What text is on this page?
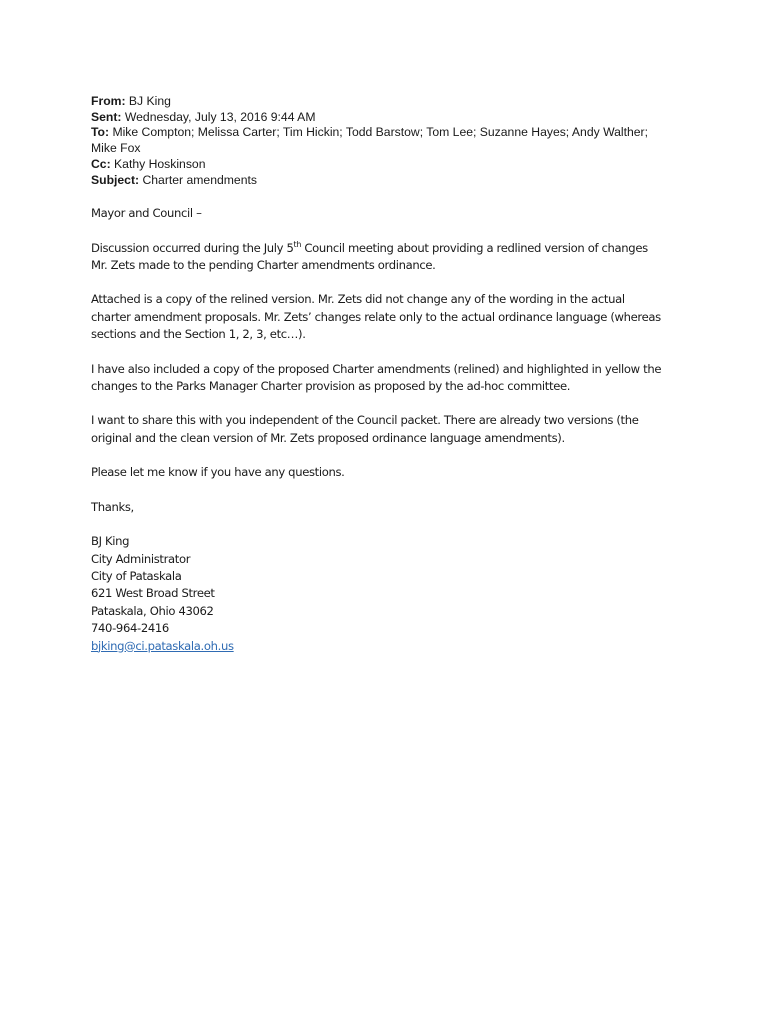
From: BJ King
Sent: Wednesday, July 13, 2016 9:44 AM
To: Mike Compton; Melissa Carter; Tim Hickin; Todd Barstow; Tom Lee; Suzanne Hayes; Andy Walther;
Mike Fox
Cc: Kathy Hoskinson
Subject: Charter amendments

Mayor and Council –

Discussion occurred during the July 5th Council meeting about providing a redlined version of changes
Mr. Zets made to the pending Charter amendments ordinance.

Attached is a copy of the relined version. Mr. Zets did not change any of the wording in the actual
charter amendment proposals. Mr. Zets’ changes relate only to the actual ordinance language (whereas
sections and the Section 1, 2, 3, etc…).

I have also included a copy of the proposed Charter amendments (relined) and highlighted in yellow the
changes to the Parks Manager Charter provision as proposed by the ad-hoc committee.

I want to share this with you independent of the Council packet. There are already two versions (the
original and the clean version of Mr. Zets proposed ordinance language amendments).

Please let me know if you have any questions.

Thanks,

BJ King

City Administrator

City of Pataskala

621 West Broad Street

Pataskala, Ohio 43062

740-964-2416

bjking@ci.pataskala.oh.us
